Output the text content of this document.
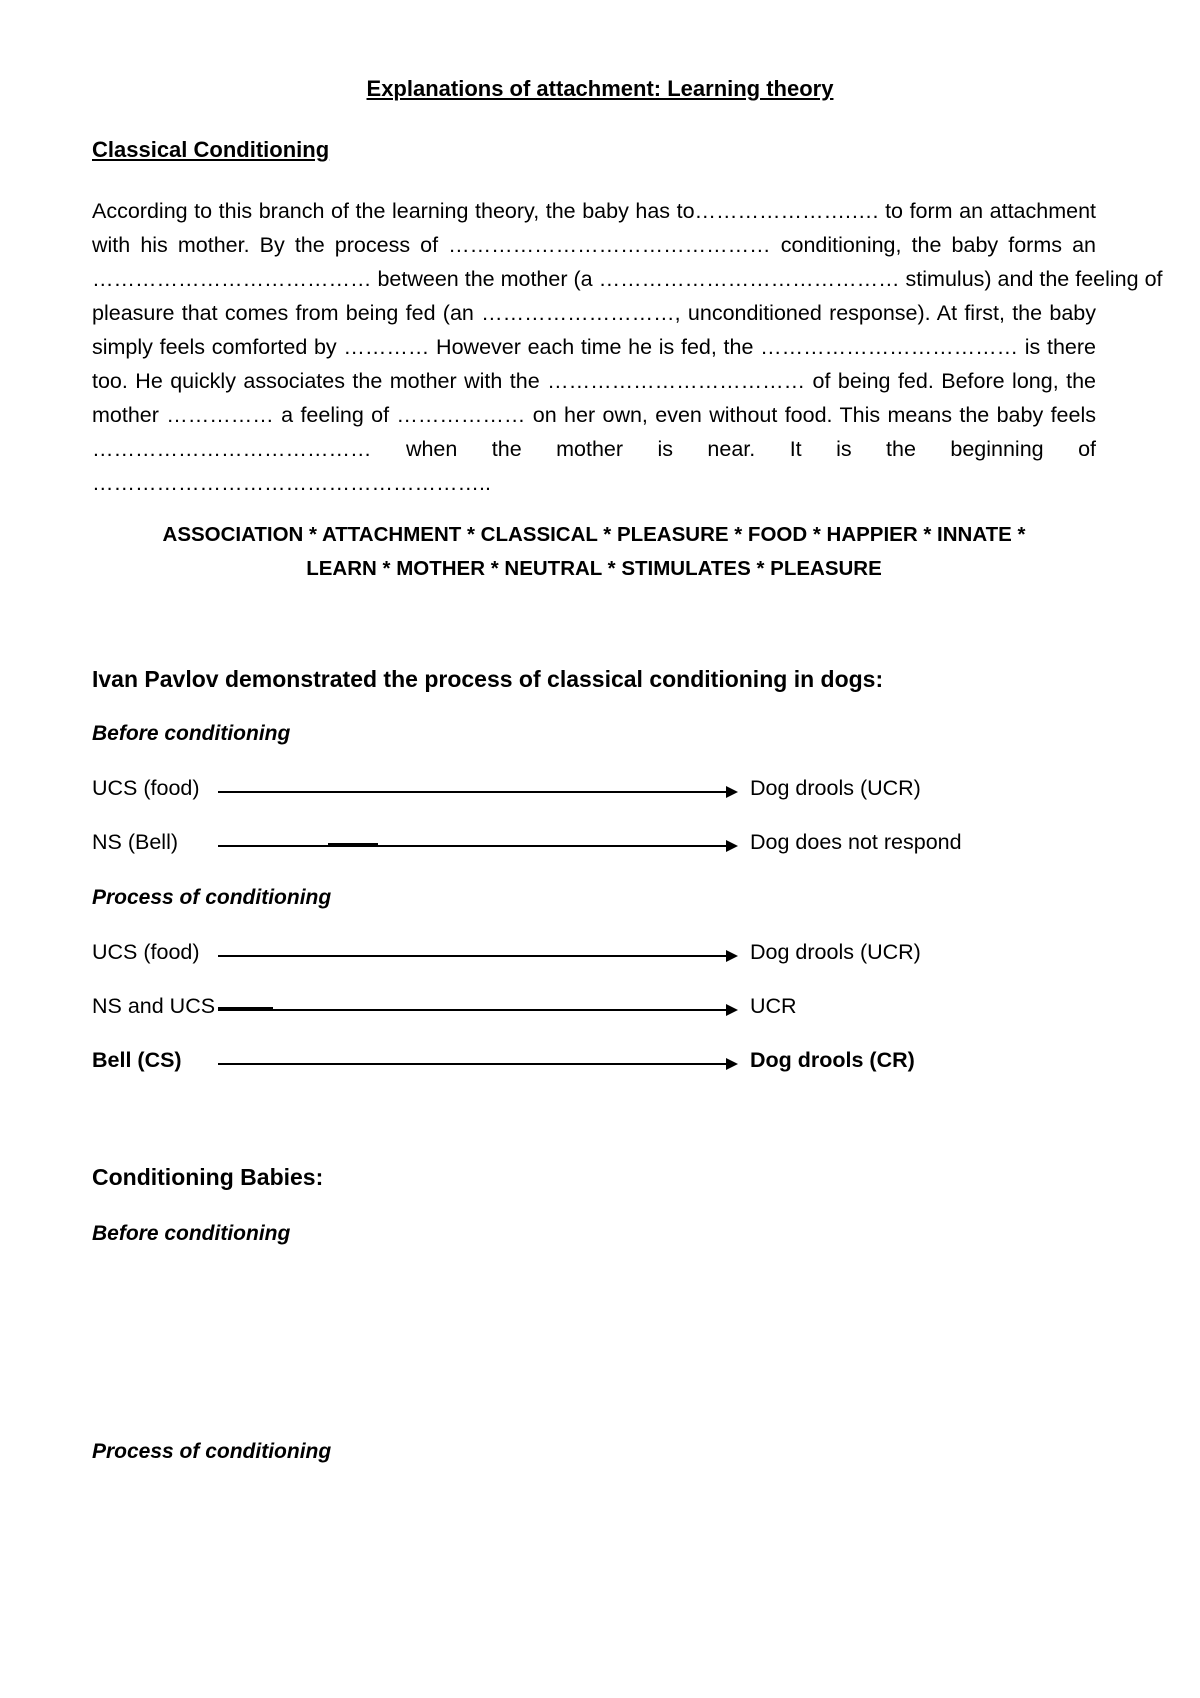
Explanations of attachment: Learning theory
Classical Conditioning
According to this branch of the learning theory, the baby has to………………….…. to form an attachment
with his mother. By the process of ……………………………………… conditioning, the baby forms an
………………………………… between the mother (a …………………………………… stimulus) and the feeling of
pleasure that comes from being fed (an ………………………, unconditioned response). At first, the baby
simply feels comforted by ………… However each time he is fed, the ……………………………… is there
too. He quickly associates the mother with the ……………………………… of being fed. Before long, the
mother …………… a feeling of ……………… on her own, even without food. This means the baby feels
………………………………… when the mother is near. It is the beginning of
………………………………………………..
ASSOCIATION * ATTACHMENT * CLASSICAL * PLEASURE * FOOD * HAPPIER * INNATE *
LEARN * MOTHER * NEUTRAL * STIMULATES * PLEASURE
Ivan Pavlov demonstrated the process of classical conditioning in dogs:
Before conditioning
UCS (food)	Dog drools (UCR)
NS (Bell)	Dog does not respond
Process of conditioning
UCS (food)	Dog drools (UCR)
NS and UCS	UCR
Bell (CS)	Dog drools (CR)
Conditioning Babies:
Before conditioning
Process of conditioning
